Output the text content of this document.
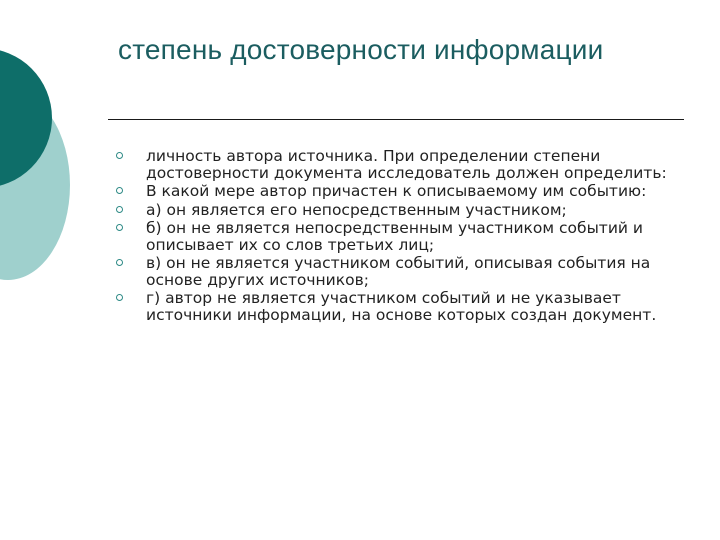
степень достоверности информации
личность автора источника. При определении степени достоверности документа исследователь должен определить:
В какой мере автор причастен к описываемому им событию:
а) он является его непосредственным участником;
б) он не является непосредственным участником событий и описывает их со слов третьих лиц;
в) он не является участником событий, описывая события на основе других источников;
г) автор не является участником событий и не указывает источники информации, на основе которых создан документ.
